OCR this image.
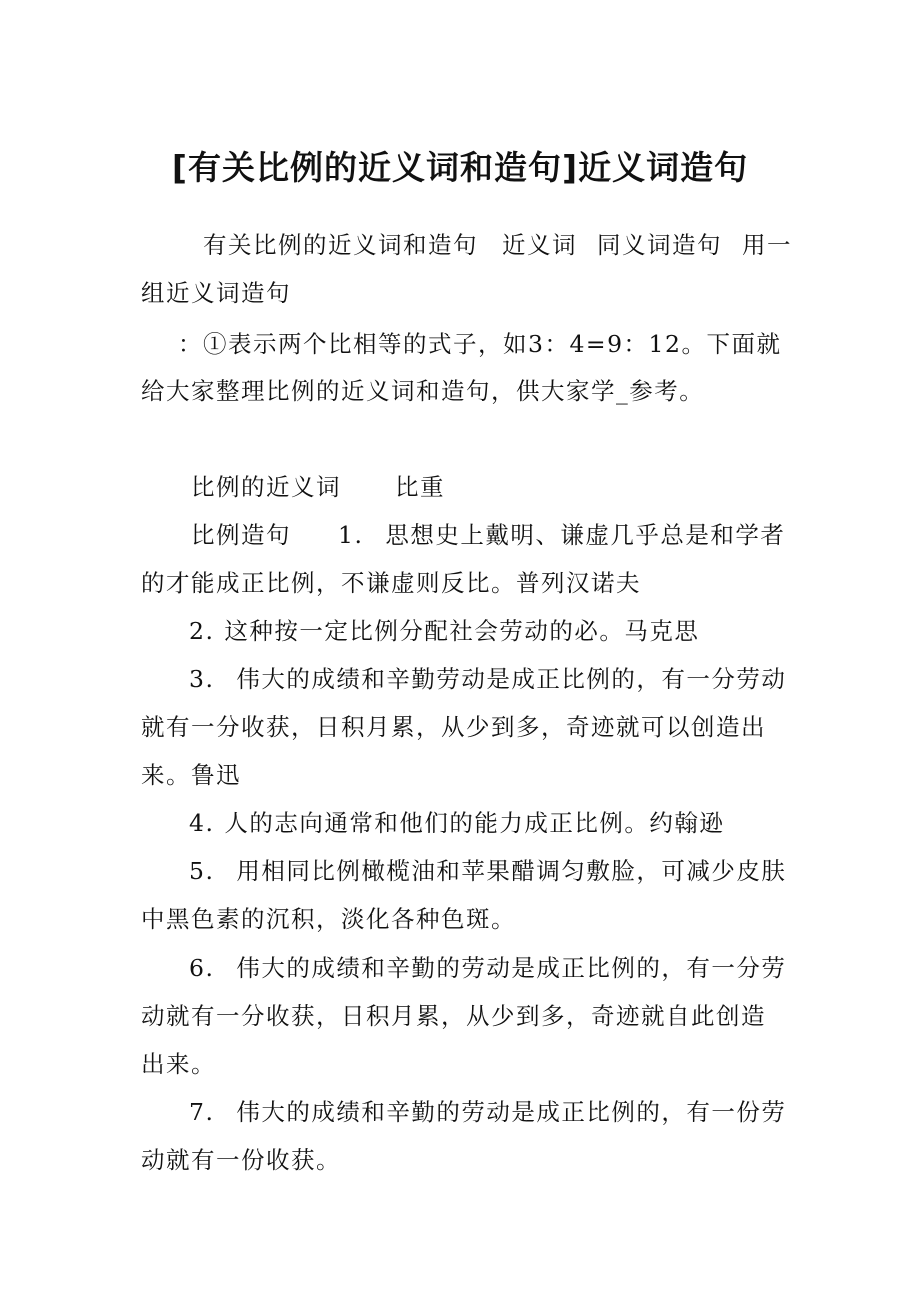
[有关比例的近义词和造句]近义词造句
有关比例的近义词和造句 近义词 同义词造句 用一
组近义词造句
：①表示两个比相等的式子，如3：4=9：12。下面就
给大家整理比例的近义词和造句，供大家学_参考。
比例的近义词 比重
比例造句 1. 思想史上戴明、谦虚几乎总是和学者
的才能成正比例，不谦虚则反比。普列汉诺夫
2. 这种按一定比例分配社会劳动的必。马克思
3. 伟大的成绩和辛勤劳动是成正比例的，有一分劳动
就有一分收获，日积月累，从少到多，奇迹就可以创造出
来。鲁迅
4. 人的志向通常和他们的能力成正比例。约翰逊
5. 用相同比例橄榄油和苹果醋调匀敷脸，可减少皮肤
中黑色素的沉积，淡化各种色斑。
6. 伟大的成绩和辛勤的劳动是成正比例的，有一分劳
动就有一分收获，日积月累，从少到多，奇迹就自此创造
出来。
7. 伟大的成绩和辛勤的劳动是成正比例的，有一份劳
动就有一份收获。
